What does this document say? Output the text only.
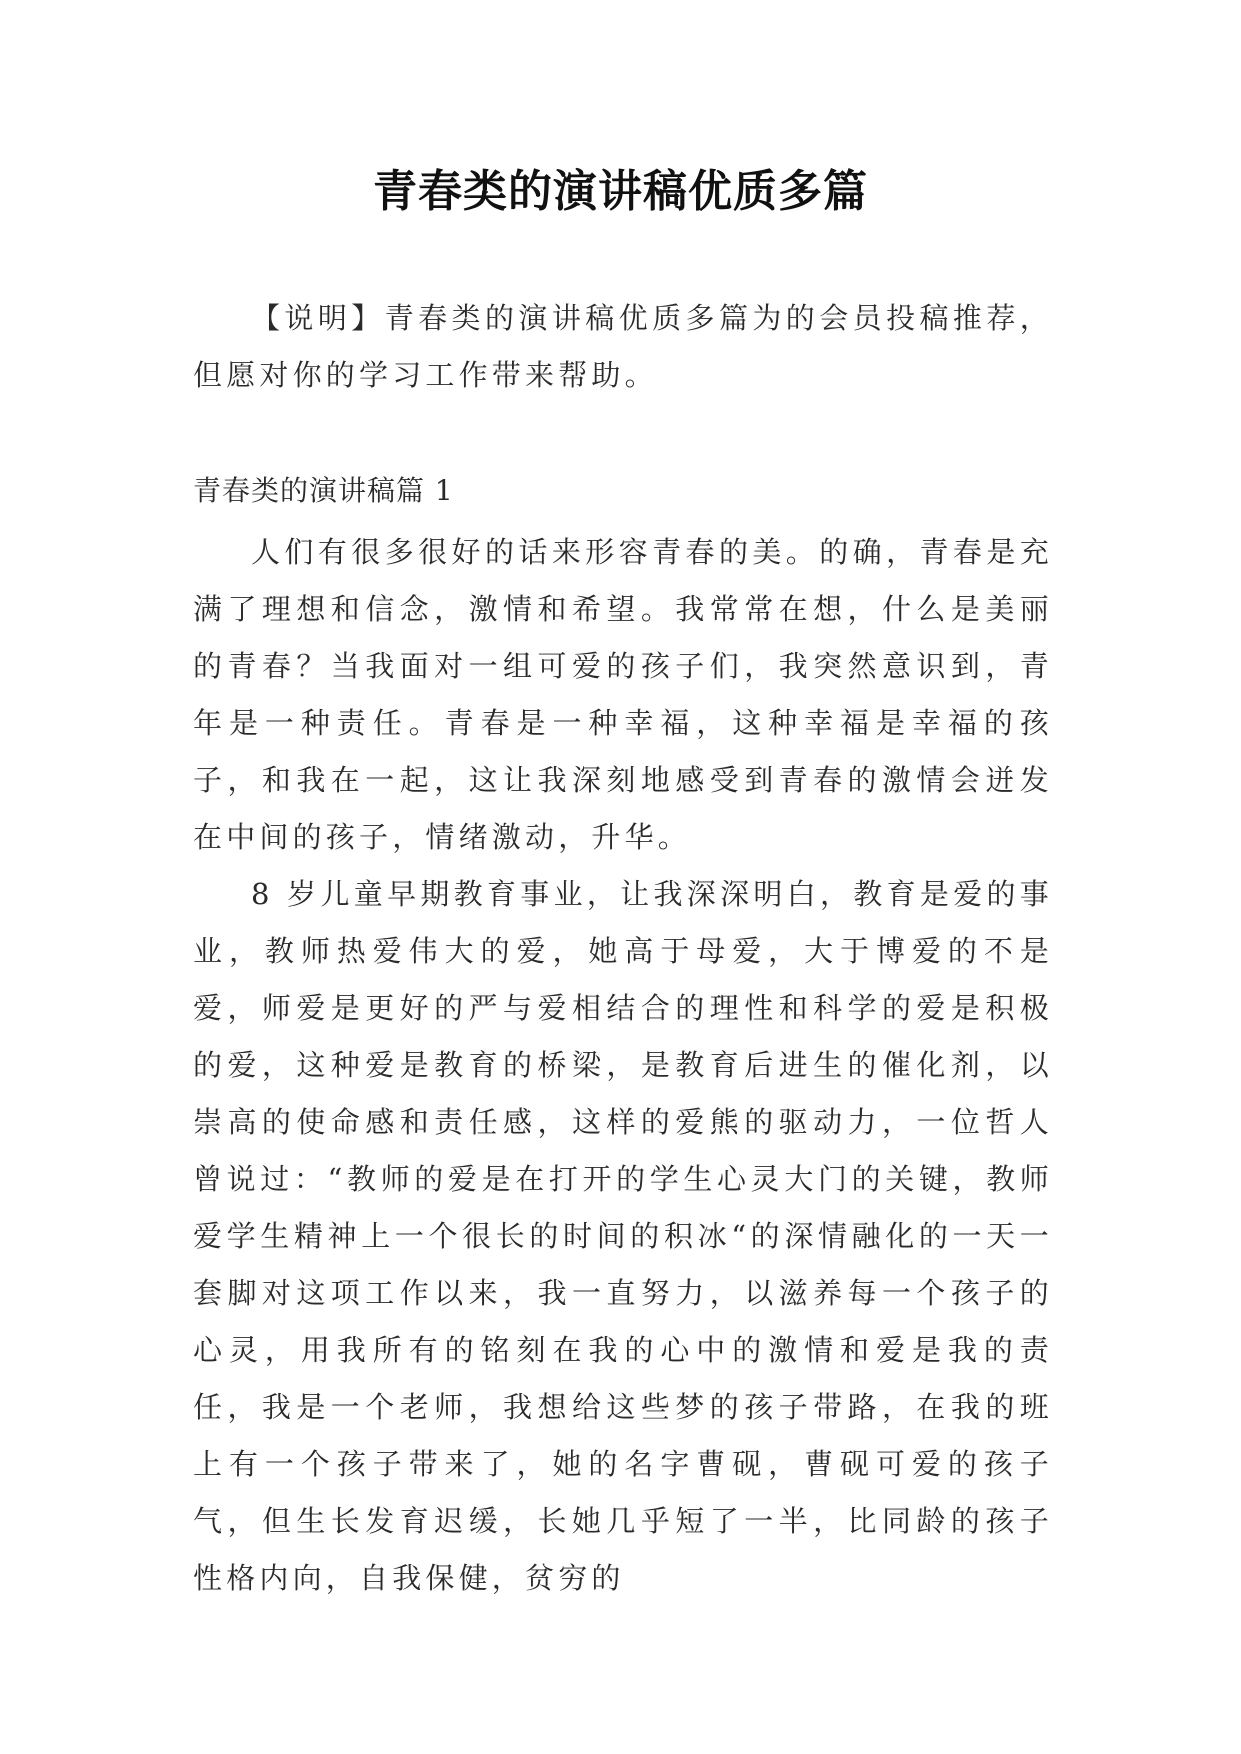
青春类的演讲稿优质多篇

【说明】青春类的演讲稿优质多篇为的会员投稿推荐，但愿对你的学习工作带来帮助。

青春类的演讲稿篇 1

人们有很多很好的话来形容青春的美。的确，青春是充满了理想和信念，激情和希望。我常常在想，什么是美丽的青春？当我面对一组可爱的孩子们，我突然意识到，青年是一种责任。青春是一种幸福，这种幸福是幸福的孩子，和我在一起，这让我深刻地感受到青春的激情会迸发在中间的孩子，情绪激动，升华。

8 岁儿童早期教育事业，让我深深明白，教育是爱的事业，教师热爱伟大的爱，她高于母爱，大于博爱的不是爱，师爱是更好的严与爱相结合的理性和科学的爱是积极的爱，这种爱是教育的桥梁，是教育后进生的催化剂，以崇高的使命感和责任感，这样的爱熊的驱动力，一位哲人曾说过：“教师的爱是在打开的学生心灵大门的关键，教师爱学生精神上一个很长的时间的积冰“的深情融化的一天一套脚对这项工作以来，我一直努力，以滋养每一个孩子的心灵，用我所有的铭刻在我的心中的激情和爱是我的责任，我是一个老师，我想给这些梦的孩子带路，在我的班上有一个孩子带来了，她的名字曹砚，曹砚可爱的孩子气，但生长发育迟缓，长她几乎短了一半，比同龄的孩子性格内向，自我保健，贫穷的
